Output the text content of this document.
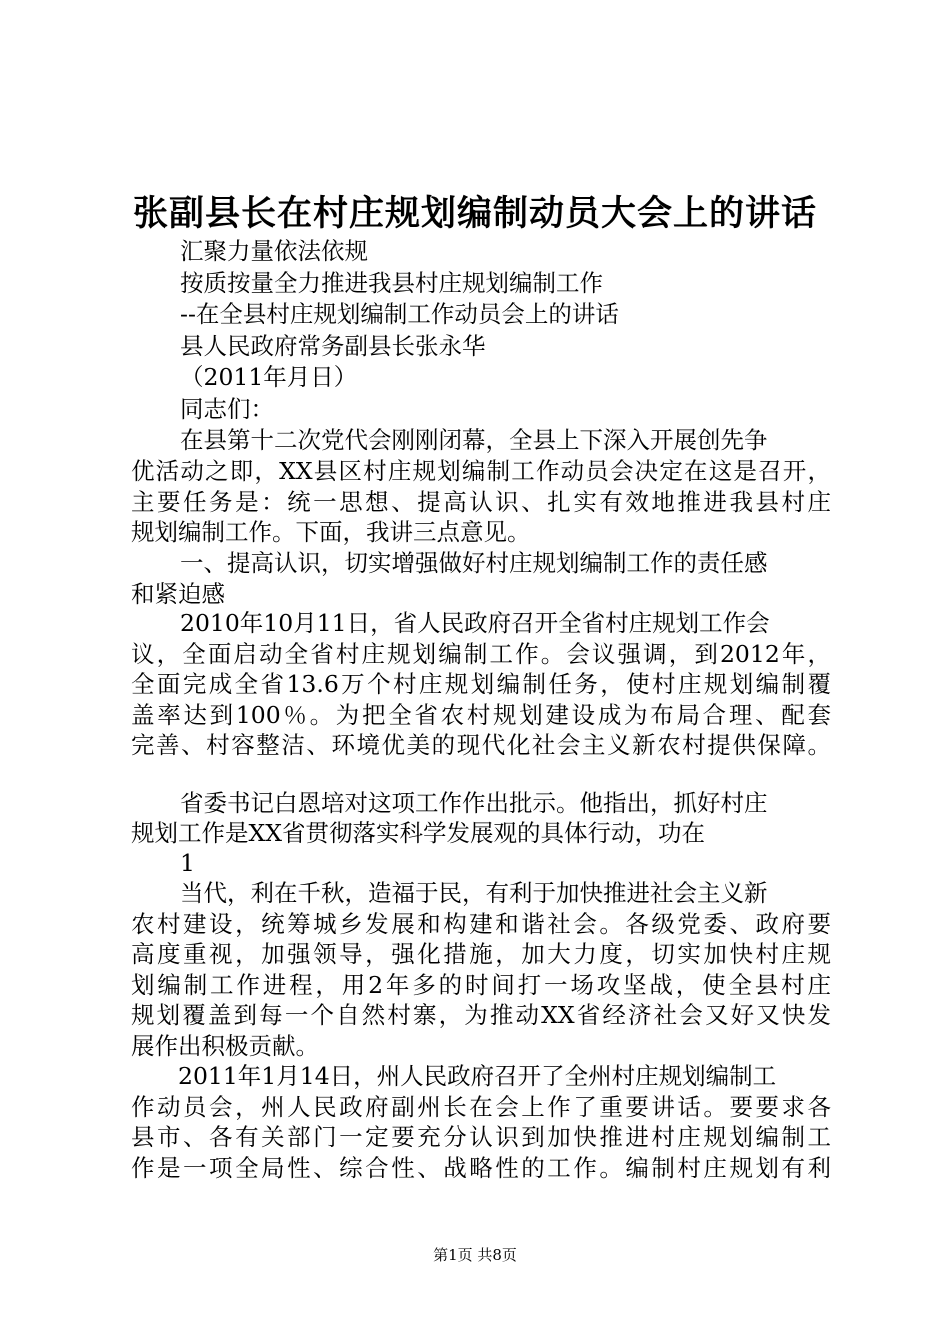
张副县长在村庄规划编制动员大会上的讲话

汇聚力量依法依规

按质按量全力推进我县村庄规划编制工作

--在全县村庄规划编制工作动员会上的讲话

县人民政府常务副县长张永华

（2011年月日）

同志们：

在县第十二次党代会刚刚闭幕，全县上下深入开展创先争

优活动之即，XX县区村庄规划编制工作动员会决定在这是召开，

主要任务是：统一思想、提高认识、扎实有效地推进我县村庄

规划编制工作。下面，我讲三点意见。

一、提高认识，切实增强做好村庄规划编制工作的责任感

和紧迫感

2010年10月11日，省人民政府召开全省村庄规划工作会

议，全面启动全省村庄规划编制工作。会议强调，到2012年，

全面完成全省13.6万个村庄规划编制任务，使村庄规划编制覆

盖率达到100％。为把全省农村规划建设成为布局合理、配套

完善、村容整洁、环境优美的现代化社会主义新农村提供保障。

省委书记白恩培对这项工作作出批示。他指出，抓好村庄

规划工作是XX省贯彻落实科学发展观的具体行动，功在

1

当代，利在千秋，造福于民，有利于加快推进社会主义新

农村建设，统筹城乡发展和构建和谐社会。各级党委、政府要

高度重视，加强领导，强化措施，加大力度，切实加快村庄规

划编制工作进程，用2年多的时间打一场攻坚战，使全县村庄

规划覆盖到每一个自然村寨，为推动XX省经济社会又好又快发

展作出积极贡献。

2011年1月14日，州人民政府召开了全州村庄规划编制工

作动员会，州人民政府副州长在会上作了重要讲话。要要求各

县市、各有关部门一定要充分认识到加快推进村庄规划编制工

作是一项全局性、综合性、战略性的工作。编制村庄规划有利

第1页 共8页
